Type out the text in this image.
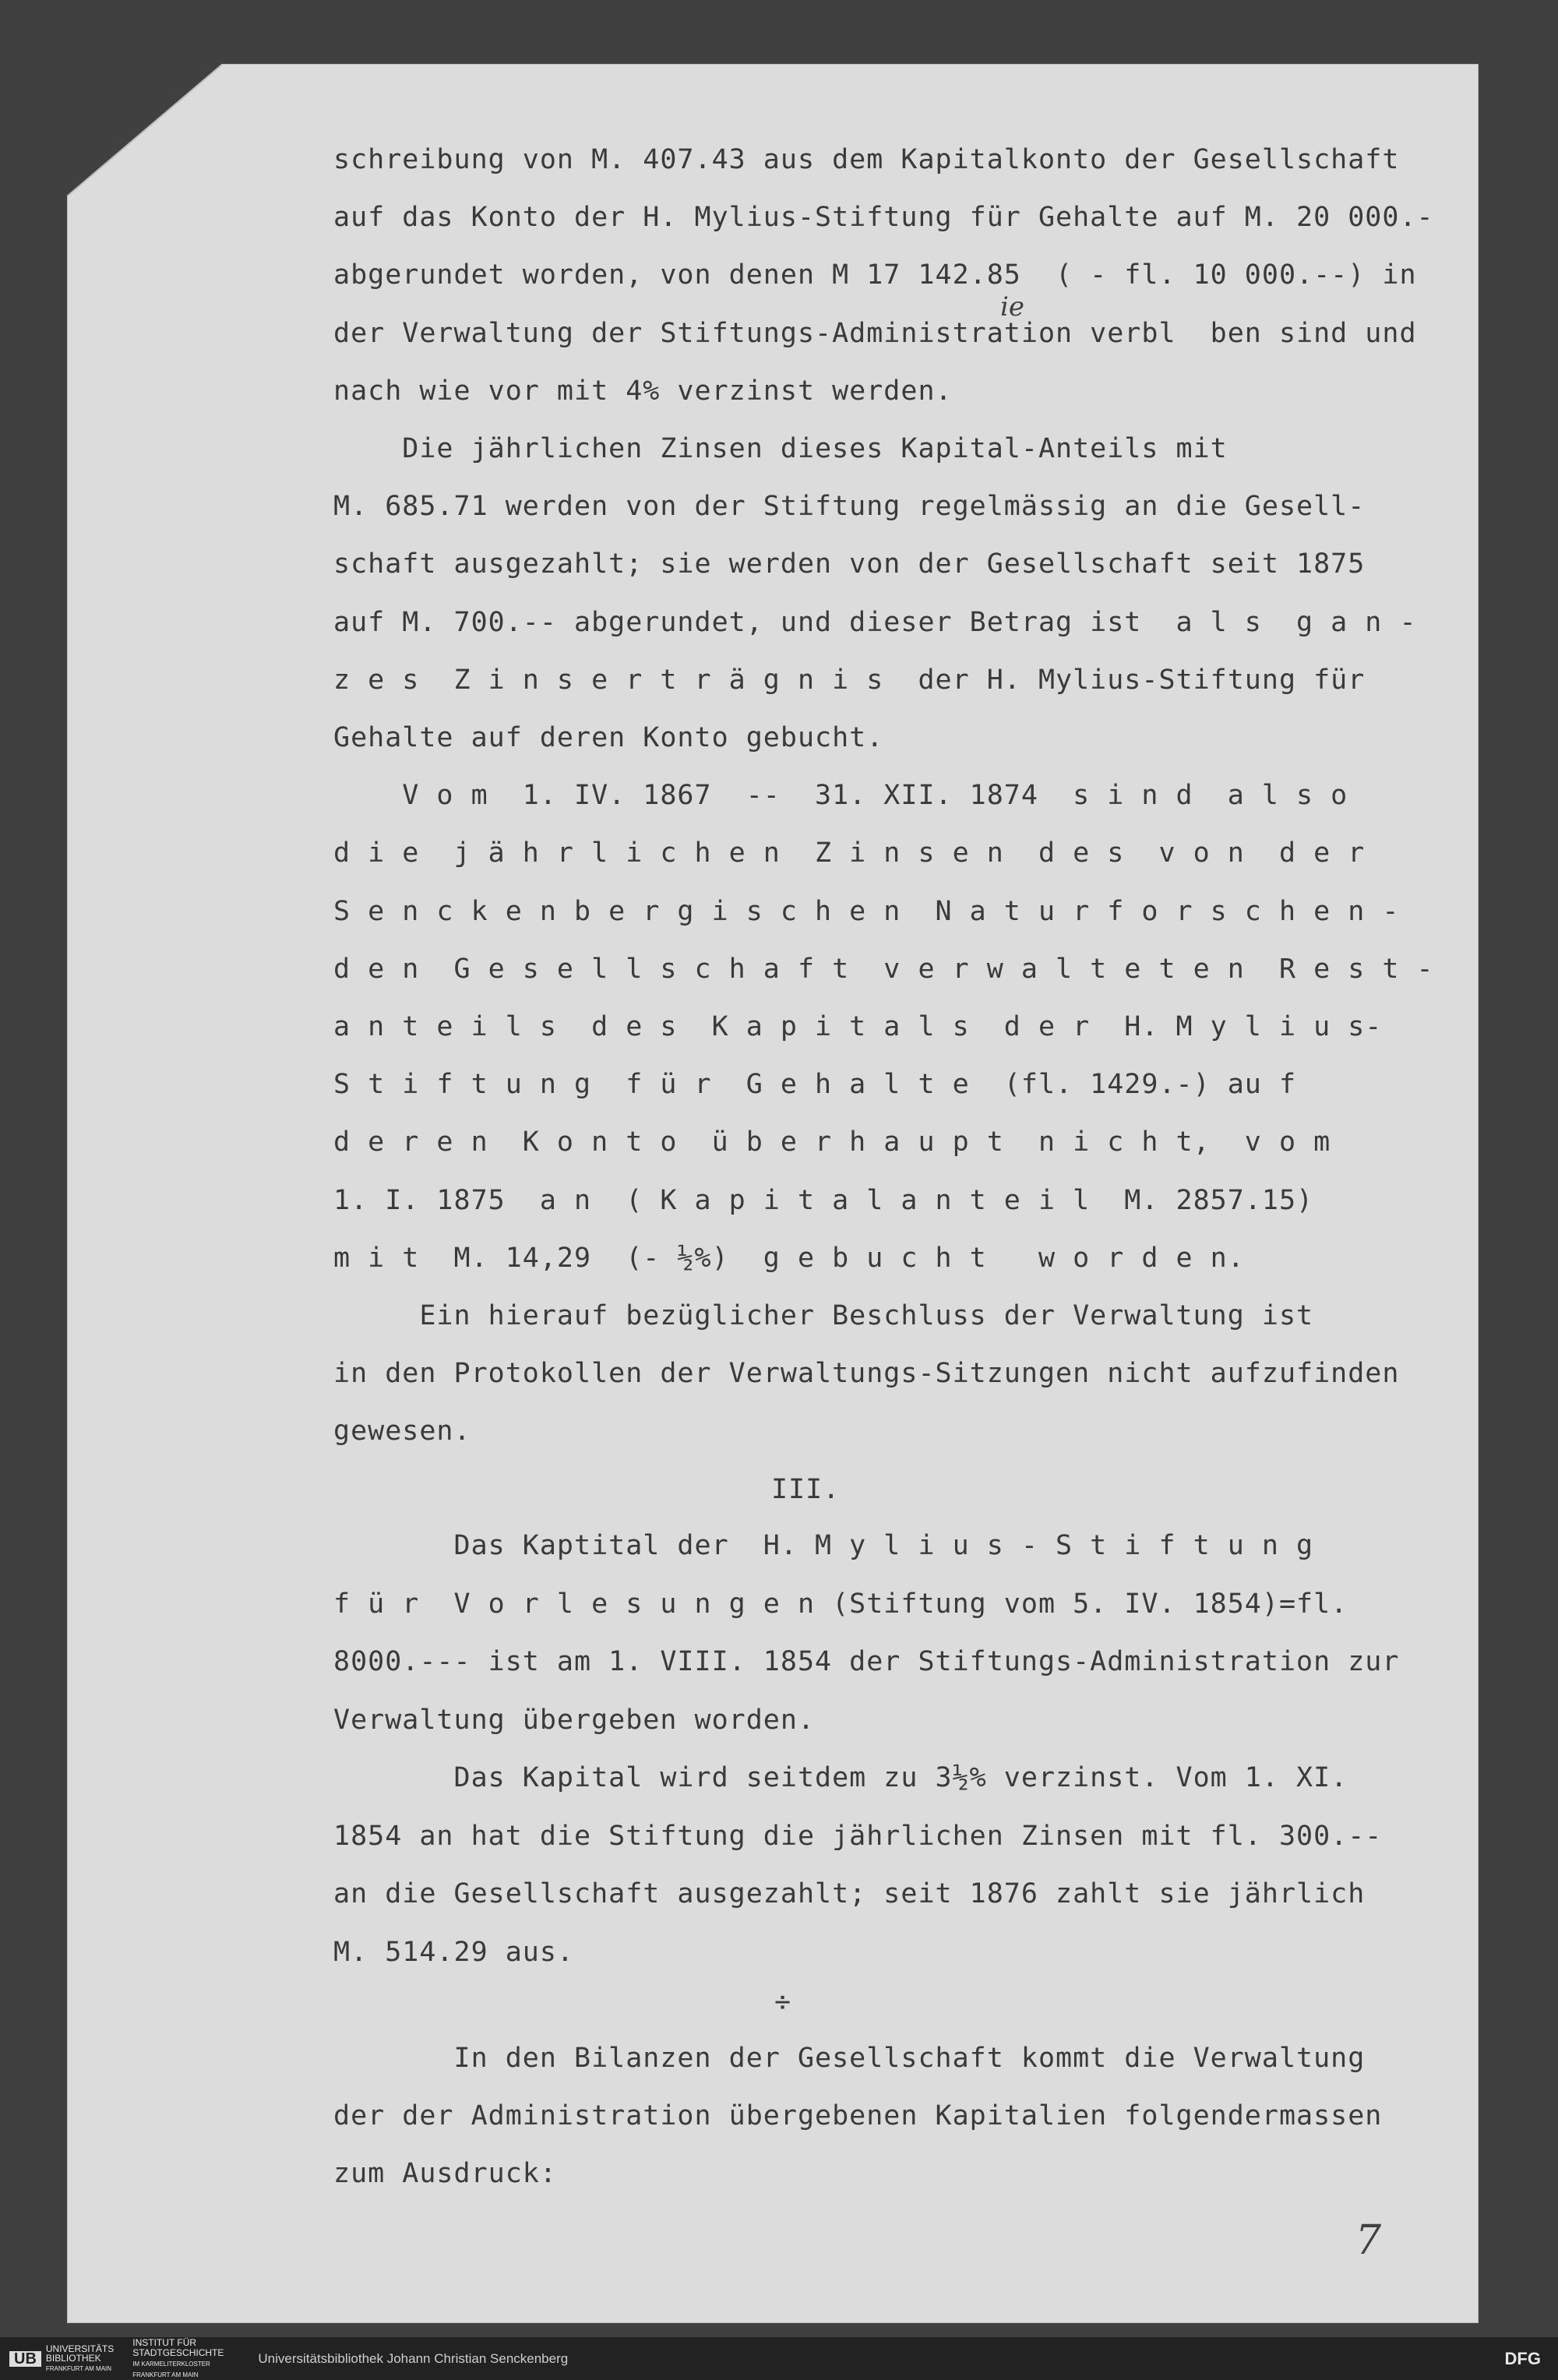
schreibung von M. 407.43 aus dem Kapitalkonto der Gesellschaft
auf das Konto der H. Mylius-Stiftung für Gehalte auf M. 20 000.-
abgerundet worden, von denen M 17 142.85  ( - fl. 10 000.--) in
der Verwaltung der Stiftungs-Administration verbl  ben sind und
nach wie vor mit 4% verzinst werden.
Die jährlichen Zinsen dieses Kapital-Anteils mit
M. 685.71 werden von der Stiftung regelmässig an die Gesell-
schaft ausgezahlt; sie werden von der Gesellschaft seit 1875
auf M. 700.-- abgerundet, und dieser Betrag ist  a l s  g a n -
z e s  Z i n s e r t r ä g n i s  der H. Mylius-Stiftung für
Gehalte auf deren Konto gebucht.
V o m  1. IV. 1867  --  31. XII. 1874  s i n d  a l s o
d i e  j ä h r l i c h e n  Z i n s e n  d e s  v o n  d e r
S e n c k e n b e r g i s c h e n  N a t u r f o r s c h e n -
d e n  G e s e l l s c h a f t  v e r w a l t e t e n  R e s t -
a n t e i l s  d e s  K a p i t a l s  d e r  H. M y l i u s-
S t i f t u n g  f ü r  G e h a l t e  (fl. 1429.-) au f
d e r e n  K o n t o  ü b e r h a u p t  n i c h t,  v o m
1. I. 1875  a n  ( K a p i t a l a n t e i l  M. 2857.15)
m i t  M. 14,29  (- ½%)  g e b u c h t   w o r d e n.
Ein hierauf bezüglicher Beschluss der Verwaltung ist
in den Protokollen der Verwaltungs-Sitzungen nicht aufzufinden
gewesen.
III.
Das Kaptital der  H. M y l i u s - S t i f t u n g
f ü r  V o r l e s u n g e n (Stiftung vom 5. IV. 1854)=fl.
8000.--- ist am 1. VIII. 1854 der Stiftungs-Administration zur
Verwaltung übergeben worden.
Das Kapital wird seitdem zu 3½% verzinst. Vom 1. XI.
1854 an hat die Stiftung die jährlichen Zinsen mit fl. 300.--
an die Gesellschaft ausgezahlt; seit 1876 zahlt sie jährlich
M. 514.29 aus.
÷
In den Bilanzen der Gesellschaft kommt die Verwaltung
der der Administration übergebenen Kapitalien folgendermassen
zum Ausdruck:
ie
7
UB
UNIVERSITÄTS
BIBLIOTHEK
FRANKFURT AM MAIN
INSTITUT FÜR
STADTGESCHICHTE
IM KARMELITERKLOSTER
FRANKFURT AM MAIN
Universitätsbibliothek Johann Christian Senckenberg	DFG
